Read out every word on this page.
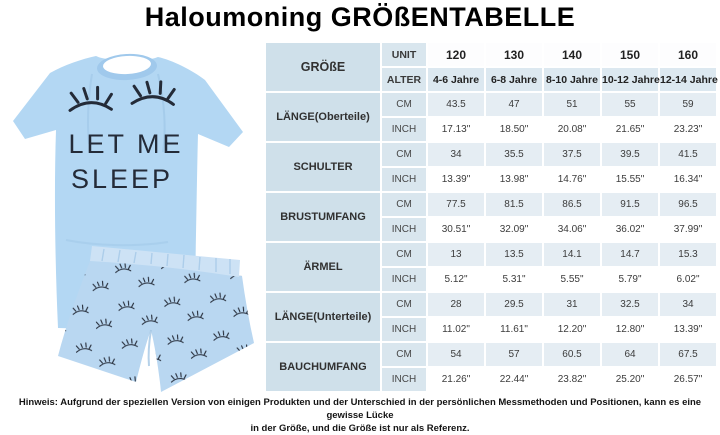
Haloumoning GRÖßENTABELLE
LET ME
SLEEP
GRÖßE	UNIT	120	130	140	150	160
	ALTER	4-6 Jahre	6-8 Jahre	8-10 Jahre	10-12 Jahre	12-14 Jahre
LÄNGE(Oberteile)	CM	43.5	47	51	55	59
	INCH	17.13"	18.50"	20.08"	21.65"	23.23"
SCHULTER	CM	34	35.5	37.5	39.5	41.5
	INCH	13.39"	13.98"	14.76"	15.55"	16.34"
BRUSTUMFANG	CM	77.5	81.5	86.5	91.5	96.5
	INCH	30.51"	32.09"	34.06"	36.02"	37.99"
ÄRMEL	CM	13	13.5	14.1	14.7	15.3
	INCH	5.12"	5.31"	5.55"	5.79"	6.02"
LÄNGE(Unterteile)	CM	28	29.5	31	32.5	34
	INCH	11.02"	11.61"	12.20"	12.80"	13.39"
BAUCHUMFANG	CM	54	57	60.5	64	67.5
	INCH	21.26"	22.44"	23.82"	25.20"	26.57"
Hinweis: Aufgrund der speziellen Version von einigen Produkten und der Unterschied in der persönlichen Messmethoden und Positionen, kann es eine gewisse Lücke
in der Größe, und die Größe ist nur als Referenz.
